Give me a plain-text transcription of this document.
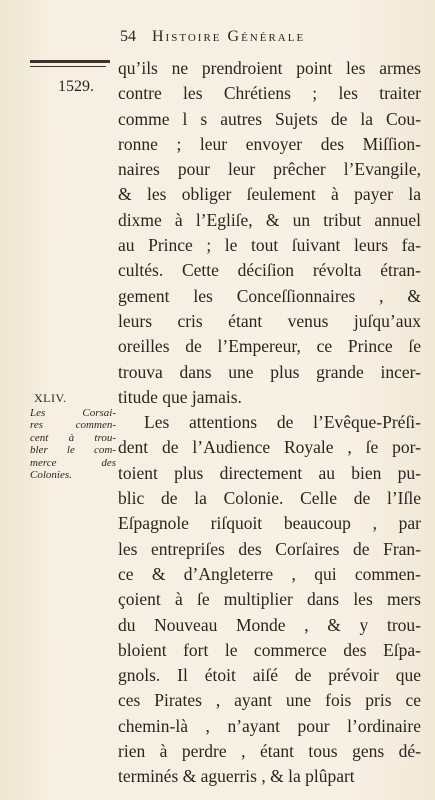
54 Histoire Générale
1529.

qu’ils ne prendroient point les armes
contre les Chrétiens ; les traiter
comme l s autres Sujets de la Cou-
ronne ; leur envoyer des Miſſion-
naires pour leur prêcher l’Evangile,
& les obliger ſeulement à payer la
dixme à l’Egliſe, & un tribut annuel
au Prince ; le tout ſuivant leurs fa-
cultés. Cette déciſion révolta étran-
gement les Conceſſionnaires , &
leurs cris étant venus juſqu’aux
oreilles de l’Empereur, ce Prince ſe
trouva dans une plus grande incer-
titude que jamais.

Les attentions de l’Evêque-Préſi-
dent de l’Audience Royale , ſe por-
toient plus directement au bien pu-
blic de la Colonie. Celle de l’Iſle
Eſpagnole riſquoit beaucoup , par
les entrepriſes des Corſaires de Fran-
ce & d’Angleterre , qui commen-
çoient à ſe multiplier dans les mers
du Nouveau Monde , & y trou-
bloient fort le commerce des Eſpa-
gnols. Il étoit aiſé de prévoir que
ces Pirates , ayant une fois pris ce
chemin-là , n’ayant pour l’ordinaire
rien à perdre , étant tous gens dé-
terminés & aguerris , & la plûpart

XLIV.
Les Corsai-
res commen-
cent à trou-
bler le com-
merce des
Colonies.
